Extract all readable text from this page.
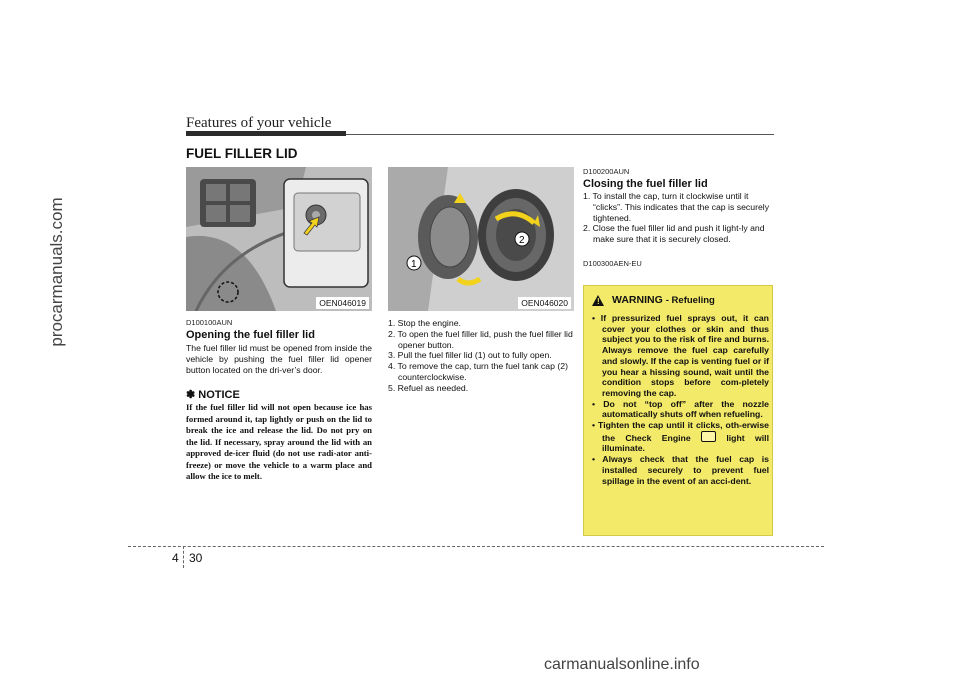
Features of your vehicle
FUEL FILLER LID
OEN046019
1
2
OEN046020

D100100AUN

Opening the fuel filler lid

The fuel filler lid must be opened from inside the vehicle by pushing the fuel filler lid opener button located on the dri-ver’s door.

✽ NOTICE

If the fuel filler lid will not open because ice has formed around it, tap lightly or push on the lid to break the ice and release the lid. Do not pry on the lid. If necessary, spray around the lid with an approved de-icer fluid (do not use radi-ator anti-freeze) or move the vehicle to a warm place and allow the ice to melt.

1. Stop the engine.
2. To open the fuel filler lid, push the fuel filler lid opener button.
3. Pull the fuel filler lid (1) out to fully open.
4. To remove the cap, turn the fuel tank cap (2) counterclockwise.
5. Refuel as needed.

D100200AUN

Closing the fuel filler lid

1. To install the cap, turn it clockwise until it “clicks”. This indicates that the cap is securely tightened.
2. Close the fuel filler lid and push it light-ly and make sure that it is securely closed.

D100300AEN-EU

! WARNING - Refueling
• If pressurized fuel sprays out, it can cover your clothes or skin and thus subject you to the risk of fire and burns. Always remove the fuel cap carefully and slowly. If the cap is venting fuel or if you hear a hissing sound, wait until the condition stops before com-pletely removing the cap.
• Do not “top off” after the nozzle automatically shuts off when refueling.
• Tighten the cap until it clicks, oth-erwise the Check Engine	light will illuminate.
• Always check that the fuel cap is installed securely to prevent fuel spillage in the event of an acci-dent.
4 30
procarmanuals.com
carmanualsonline.info
